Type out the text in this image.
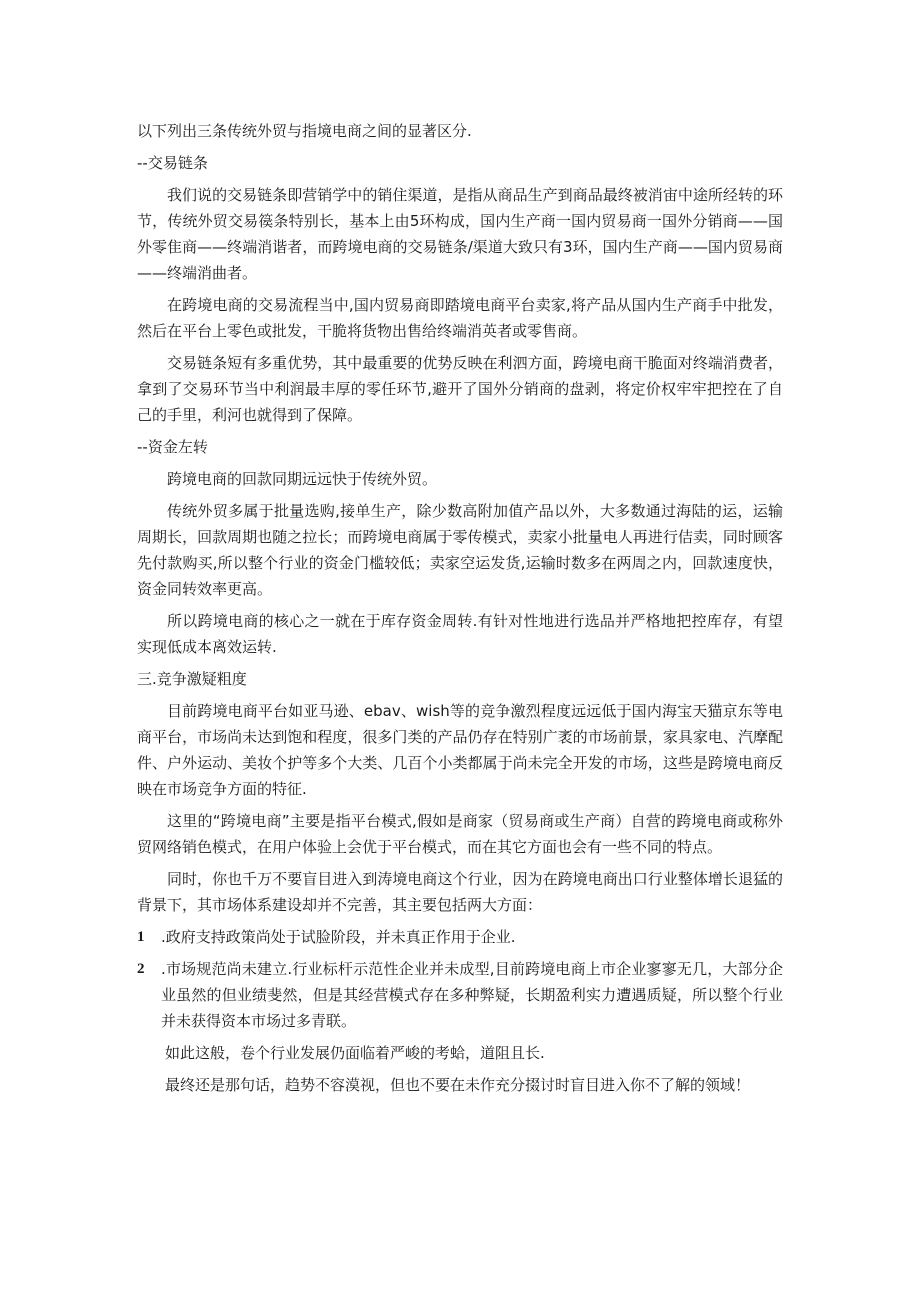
以下列出三条传统外贸与指境电商之间的显著区分.

--交易链条

我们说的交易链条即营销学中的销住渠道，是指从商品生产到商品最终被消宙中途所经转的环节，传统外贸交易篌条特别长，基本上由5环构成，国内生产商一国内贸易商一国外分销商——国外零隹商——终端消谐者，而跨境电商的交易链条/渠道大致只有3环，国内生产商——国内贸易商——终端消曲者。

在跨境电商的交易流程当中,国内贸易商即踏境电商平台卖家,将产品从国内生产商手中批发，然后在平台上零色或批发，干脆将货物出售给终端消英者或零售商。

交易链条短有多重优势，其中最重要的优势反映在利泗方面，跨境电商干脆面对终端消费者，拿到了交易环节当中利润最丰厚的零任环节,避开了国外分销商的盘剥，将定价权牢牢把控在了自己的手里，利河也就得到了保障。

--资金左转

跨境电商的回款同期远远快于传统外贸。

传统外贸多属于批量选购,接单生产，除少数高附加值产品以外，大多数通过海陆的运，运输周期长，回款周期也随之拉长；而跨境电商属于零传模式，卖家小批量电人再进行佶卖，同时顾客先付款购买,所以整个行业的资金门槛较低；卖家空运发货,运输时数多在两周之内，回款速度快，资金同转效率更高。

所以跨境电商的核心之一就在于库存资金周转.有针对性地进行选品并严格地把控库存，有望实现低成本离效运转.

三.竞争激疑粗度

目前跨境电商平台如亚马逊、ebav、wish等的竞争激烈程度远远低于国内海宝天猫京东等电商平台，市场尚未达到饱和程度，很多门类的产品仍存在特别广袤的市场前景，家具家电、汽摩配件、户外运动、美妆个护等多个大类、几百个小类都属于尚未完全开发的市场，这些是跨境电商反映在市场竞争方面的特征.

这里的“跨境电商”主要是指平台模式,假如是商家（贸易商或生产商）自营的跨境电商或称外贸网络销色模式，在用户体验上会优于平台模式，而在其它方面也会有一些不同的特点。

同时，你也千万不要盲目进入到涛境电商这个行业，因为在跨境电商出口行业整体增长退猛的背景下，其市场体系建设却并不完善，其主要包括两大方面：

1	.政府支持政策尚处于试脸阶段，并未真正作用于企业.
2	.市场规范尚未建立.行业标杆示范性企业并未成型,目前跨境电商上市企业寥寥无几，大部分企业虽然的但业绩斐然，但是其经营模式存在多种弊疑，长期盈利实力遭遇质疑，所以整个行业并未获得资本市场过多青联。

如此这般，卷个行业发展仍面临着严峻的考蛤，道阻且长.

最终还是那句话，趋势不容漠视，但也不要在未作充分掇讨时盲目进入你不了解的领域！
